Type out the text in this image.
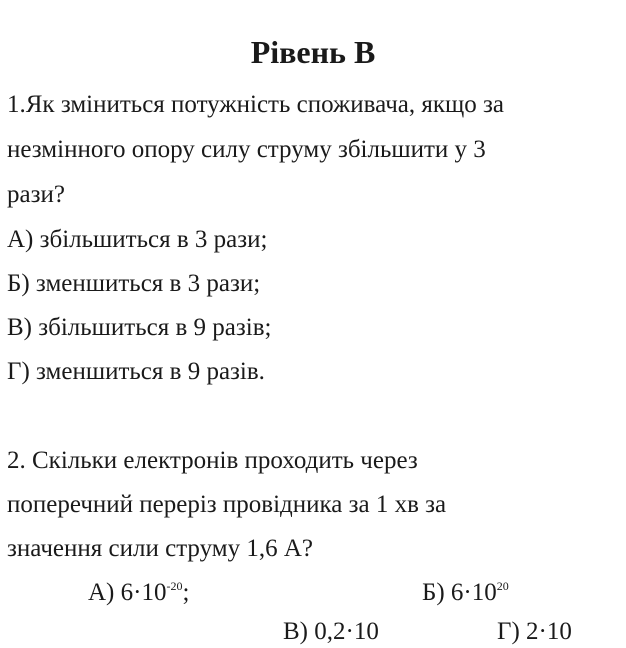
Рівень В
1.Як зміниться потужність споживача, якщо за
незмінного опору силу струму збільшити у 3
рази?
А) збільшиться в 3 рази;
Б) зменшиться в 3 рази;
В) збільшиться в 9 разів;
Г) зменшиться в 9 разів.
2. Скільки електронів проходить через
поперечний переріз провідника за 1 хв за
значення сили струму 1,6 А?
А) $6\cdot 10^{-20}$;	Б) $6\cdot 10^{20}$
В) 0,2·10	Г) 2·10
